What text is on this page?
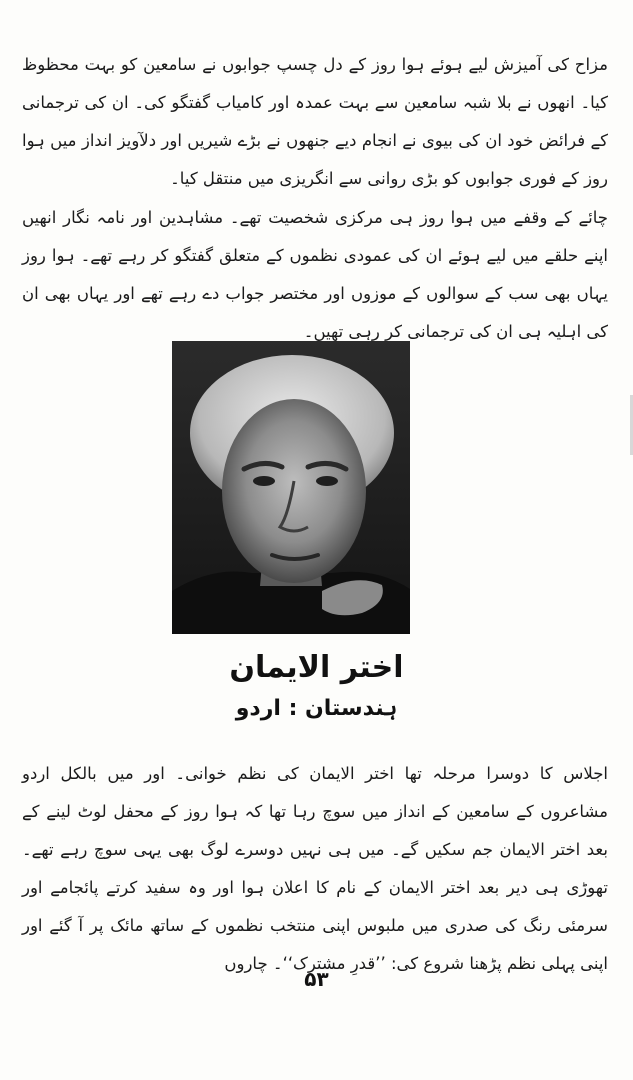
مزاح کی آمیزش لیے ہوئے ہوا روز کے دل چسپ جوابوں نے سامعین کو بہت محظوظ کیا۔ انھوں نے بلا شبہ سامعین سے بہت عمدہ اور کامیاب گفتگو کی۔ ان کی ترجمانی کے فرائض خود ان کی بیوی نے انجام دیے جنھوں نے بڑے شیریں اور دلآویز انداز میں ہوا روز کے فوری جوابوں کو بڑی روانی سے انگریزی میں منتقل کیا۔

چائے کے وقفے میں ہوا روز ہی مرکزی شخصیت تھے۔ مشاہدین اور نامہ نگار انھیں اپنے حلقے میں لیے ہوئے ان کی عمودی نظموں کے متعلق گفتگو کر رہے تھے۔ ہوا روز یہاں بھی سب کے سوالوں کے موزوں اور مختصر جواب دے رہے تھے اور یہاں بھی ان کی اہلیہ ہی ان کی ترجمانی کر رہی تھیں۔

اختر الایمان
ہندستان : اردو

اجلاس کا دوسرا مرحلہ تھا اختر الایمان کی نظم خوانی۔ اور میں بالکل اردو مشاعروں کے سامعین کے انداز میں سوچ رہا تھا کہ ہوا روز کے محفل لوٹ لینے کے بعد اختر الایمان جم سکیں گے۔ میں ہی نہیں دوسرے لوگ بھی یہی سوچ رہے تھے۔ تھوڑی ہی دیر بعد اختر الایمان کے نام کا اعلان ہوا اور وہ سفید کرتے پائجامے اور سرمئی رنگ کی صدری میں ملبوس اپنی منتخب نظموں کے ساتھ مائک پر آ گئے اور اپنی پہلی نظم پڑھنا شروع کی: ’’قدرِ مشترک‘‘۔ چاروں

۵۳
